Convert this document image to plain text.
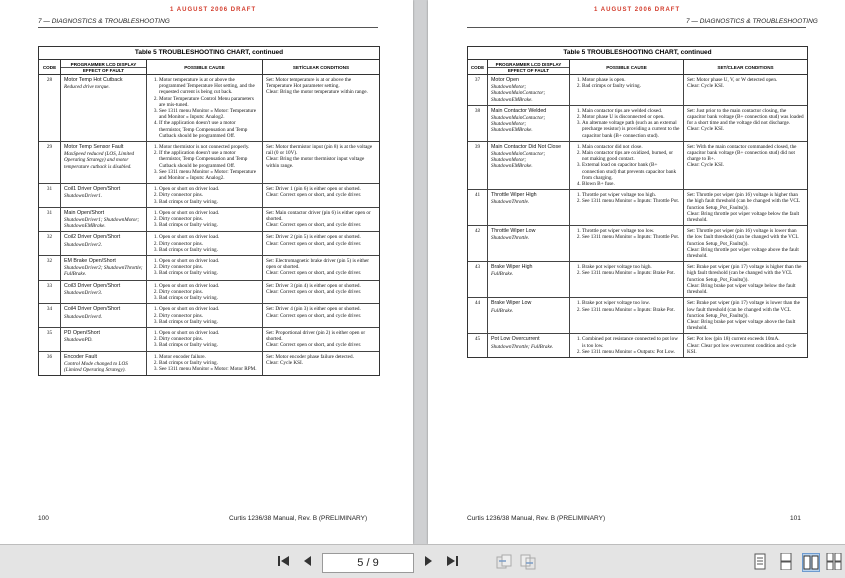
1 AUGUST 2006 DRAFT
7 — DIAGNOSTICS & TROUBLESHOOTING
Table 5 TROUBLESHOOTING CHART, continued
CODE
PROGRAMMER LCD DISPLAY
EFFECT OF FAULT
POSSIBLE CAUSE	SET/CLEAR CONDITIONS
28	Motor Temp Hot Cutback
Reduced drive torque.
1. Motor temperature is at or above the programmed Temperature Hot setting, and the requested current is being cut back.
2. Motor Temperature Control Menu parameters are mis-tuned.
3. See 1311 menu Monitor » Motor: Temperature and Monitor » Inputs: Analog2.
4. If the application doesn't use a motor thermistor, Temp Compensation and Temp Cutback should be programmed Off.
Set: Motor temperature is at or above the Temperature Hot parameter setting.
Clear: Bring the motor temperature within range.
29	Motor Temp Sensor Fault
MaxSpeed reduced (LOS, Limited Operating Strategy) and motor temperature cutback is disabled.
1. Motor thermistor is not connected properly.
2. If the application doesn't use a motor thermistor, Temp Compensation and Temp Cutback should be programmed Off.
3. See 1311 menu Monitor » Motor: Temperature and Monitor » Inputs: Analog2.
Set: Motor thermistor input (pin 8) is at the voltage rail (0 or 10V).
Clear: Bring the motor thermistor input voltage within range.
31	Coil1 Driver Open/Short
ShutdownDriver1.
1. Open or short on driver load.
2. Dirty connector pins.
3. Bad crimps or faulty wiring.
Set: Driver 1 (pin 6) is either open or shorted.
Clear: Correct open or short, and cycle driver.
31	Main Open/Short
ShutdownDriver1; ShutdownMotor; ShutdownEMBrake.
1. Open or short on driver load.
2. Dirty connector pins.
3. Bad crimps or faulty wiring.
Set: Main contactor driver (pin 6) is either open or shorted.
Clear: Correct open or short, and cycle driver.
32	Coil2 Driver Open/Short
ShutdownDriver2.
1. Open or short on driver load.
2. Dirty connector pins.
3. Bad crimps or faulty wiring.
Set: Driver 2 (pin 5) is either open or shorted.
Clear: Correct open or short, and cycle driver.
32	EM Brake Open/Short
ShutdownDriver2; ShutdownThrottle; FullBrake.
1. Open or short on driver load.
2. Dirty connector pins.
3. Bad crimps or faulty wiring.
Set: Electromagnetic brake driver (pin 5) is either open or shorted.
Clear: Correct open or short, and cycle driver.
33	Coil3 Driver Open/Short
ShutdownDriver3.
1. Open or short on driver load.
2. Dirty connector pins.
3. Bad crimps or faulty wiring.
Set: Driver 3 (pin 4) is either open or shorted.
Clear: Correct open or short, and cycle driver.
34	Coil4 Driver Open/Short
ShutdownDriver4.
1. Open or short on driver load.
2. Dirty connector pins.
3. Bad crimps or faulty wiring.
Set: Driver 4 (pin 3) is either open or shorted.
Clear: Correct open or short, and cycle driver.
35	PD Open/Short
ShutdownPD.
1. Open or short on driver load.
2. Dirty connector pins.
3. Bad crimps or faulty wiring.
Set: Proportional driver (pin 2) is either open or shorted.
Clear: Correct open or short, and cycle driver.
36	Encoder Fault
Control Mode changed to LOS (Limited Operating Strategy).
1. Motor encoder failure.
2. Bad crimps or faulty wiring.
3. See 1311 menu Monitor » Motor: Motor RPM.
Set: Motor encoder phase failure detected.
Clear: Cycle KSI.
100	Curtis 1236/38 Manual, Rev. B (PRELIMINARY)
1 AUGUST 2006 DRAFT
7 — DIAGNOSTICS & TROUBLESHOOTING
Table 5 TROUBLESHOOTING CHART, continued
CODE
PROGRAMMER LCD DISPLAY
EFFECT OF FAULT
POSSIBLE CAUSE	SET/CLEAR CONDITIONS
37	Motor Open
ShutdownMotor; ShutdownMainContactor; ShutdownEMBrake.
1. Motor phase is open.
2. Bad crimps or faulty wiring.
Set: Motor phase U, V, or W detected open.
Clear: Cycle KSI.
38	Main Contactor Welded
ShutdownMainContactor; ShutdownMotor; ShutdownEMBrake.
1. Main contactor tips are welded closed.
2. Motor phase U is disconnected or open.
3. An alternate voltage path (such as an external precharge resistor) is providing a current to the capacitor bank (B+ connection stud).
Set: Just prior to the main contactor closing, the capacitor bank voltage (B+ connection stud) was loaded for a short time and the voltage did not discharge.
Clear: Cycle KSI.
39	Main Contactor Did Not Close
ShutdownMainContactor; ShutdownMotor; ShutdownEMBrake.
1. Main contactor did not close.
2. Main contactor tips are oxidized, burned, or not making good contact.
3. External load on capacitor bank (B+ connection stud) that prevents capacitor bank from charging.
4. Blown B+ fuse.
Set: With the main contactor commanded closed, the capacitor bank voltage (B+ connection stud) did not charge to B+.
Clear: Cycle KSI.
41	Throttle Wiper High
ShutdownThrottle.
1. Throttle pot wiper voltage too high.
2. See 1311 menu Monitor » Inputs: Throttle Pot.
Set: Throttle pot wiper (pin 16) voltage is higher than the high fault threshold (can be changed with the VCL function Setup_Pot_Faults()).
Clear: Bring throttle pot wiper voltage below the fault threshold.
42	Throttle Wiper Low
ShutdownThrottle.
1. Throttle pot wiper voltage too low.
2. See 1311 menu Monitor » Inputs: Throttle Pot.
Set: Throttle pot wiper (pin 16) voltage is lower than the low fault threshold (can be changed with the VCL function Setup_Pot_Faults()).
Clear: Bring throttle pot wiper voltage above the fault threshold.
43	Brake Wiper High
FullBrake.
1. Brake pot wiper voltage too high.
2. See 1311 menu Monitor » Inputs: Brake Pot.
Set: Brake pot wiper (pin 17) voltage is higher than the high fault threshold (can be changed with the VCL function Setup_Pot_Faults()).
Clear: Bring brake pot wiper voltage below the fault threshold.
44	Brake Wiper Low
FullBrake.
1. Brake pot wiper voltage too low.
2. See 1311 menu Monitor » Inputs: Brake Pot.
Set: Brake pot wiper (pin 17) voltage is lower than the low fault threshold (can be changed with the VCL function Setup_Pot_Faults()).
Clear: Bring brake pot wiper voltage above the fault threshold.
45	Pot Low Overcurrent
ShutdownThrottle; FullBrake.
1. Combined pot resistance connected to pot low is too low.
2. See 1311 menu Monitor » Outputs: Pot Low.
Set: Pot low (pin 18) current exceeds 10mA.
Clear: Clear pot low overcurrent condition and cycle KSI.
Curtis 1236/38 Manual, Rev. B (PRELIMINARY)	101
5 / 9
